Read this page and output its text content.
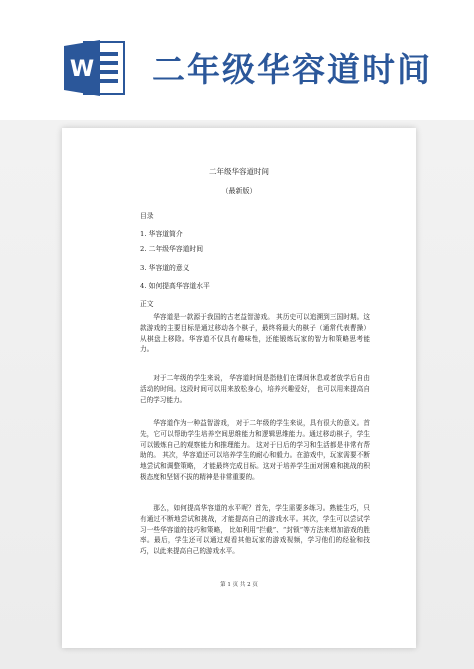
W 二年级华容道时间
二年级华容道时间
（最新版）
目录
1. 华容道简介
2. 二年级华容道时间
3. 华容道的意义
4. 如何提高华容道水平
正文

华容道是一款源于我国的古老益智游戏。 其历史可以追溯到三国时期。这款游戏的主要目标是通过移动各个棋子，最终将最大的棋子（通常代表曹操）从棋盘上移除。华容道不仅具有趣味性，还能锻炼玩家的智力和策略思考能力。

对于二年级的学生来说， 华容道时间是指他们在课间休息或者放学后自由活动的时间。这段时间可以用来放松身心，培养兴趣爱好， 也可以用来提高自己的学习能力。

华容道作为一种益智游戏， 对于二年级的学生来说，具有很大的意义。首先，它可以帮助学生培养空间思维能力和逻辑思维能力。通过移动棋子，学生可以锻炼自己的观察能力和推理能力。 这对于日后的学习和生活都是非常有帮助的。 其次，华容道还可以培养学生的耐心和毅力。在游戏中，玩家需要不断地尝试和调整策略， 才能最终完成目标。这对于培养学生面对困难和挑战的积极态度和坚韧不拔的精神是非常重要的。

那么，如何提高华容道的水平呢？首先，学生需要多练习。熟能生巧，只有通过不断地尝试和挑战，才能提高自己的游戏水平。其次，学生可以尝试学习一些华容道的技巧和策略， 比如利用“拦截”、“封锁”等方法来增加游戏的胜率。最后，学生还可以通过观看其他玩家的游戏视频，学习他们的经验和技巧，以此来提高自己的游戏水平。

第 1 页 共 2 页
